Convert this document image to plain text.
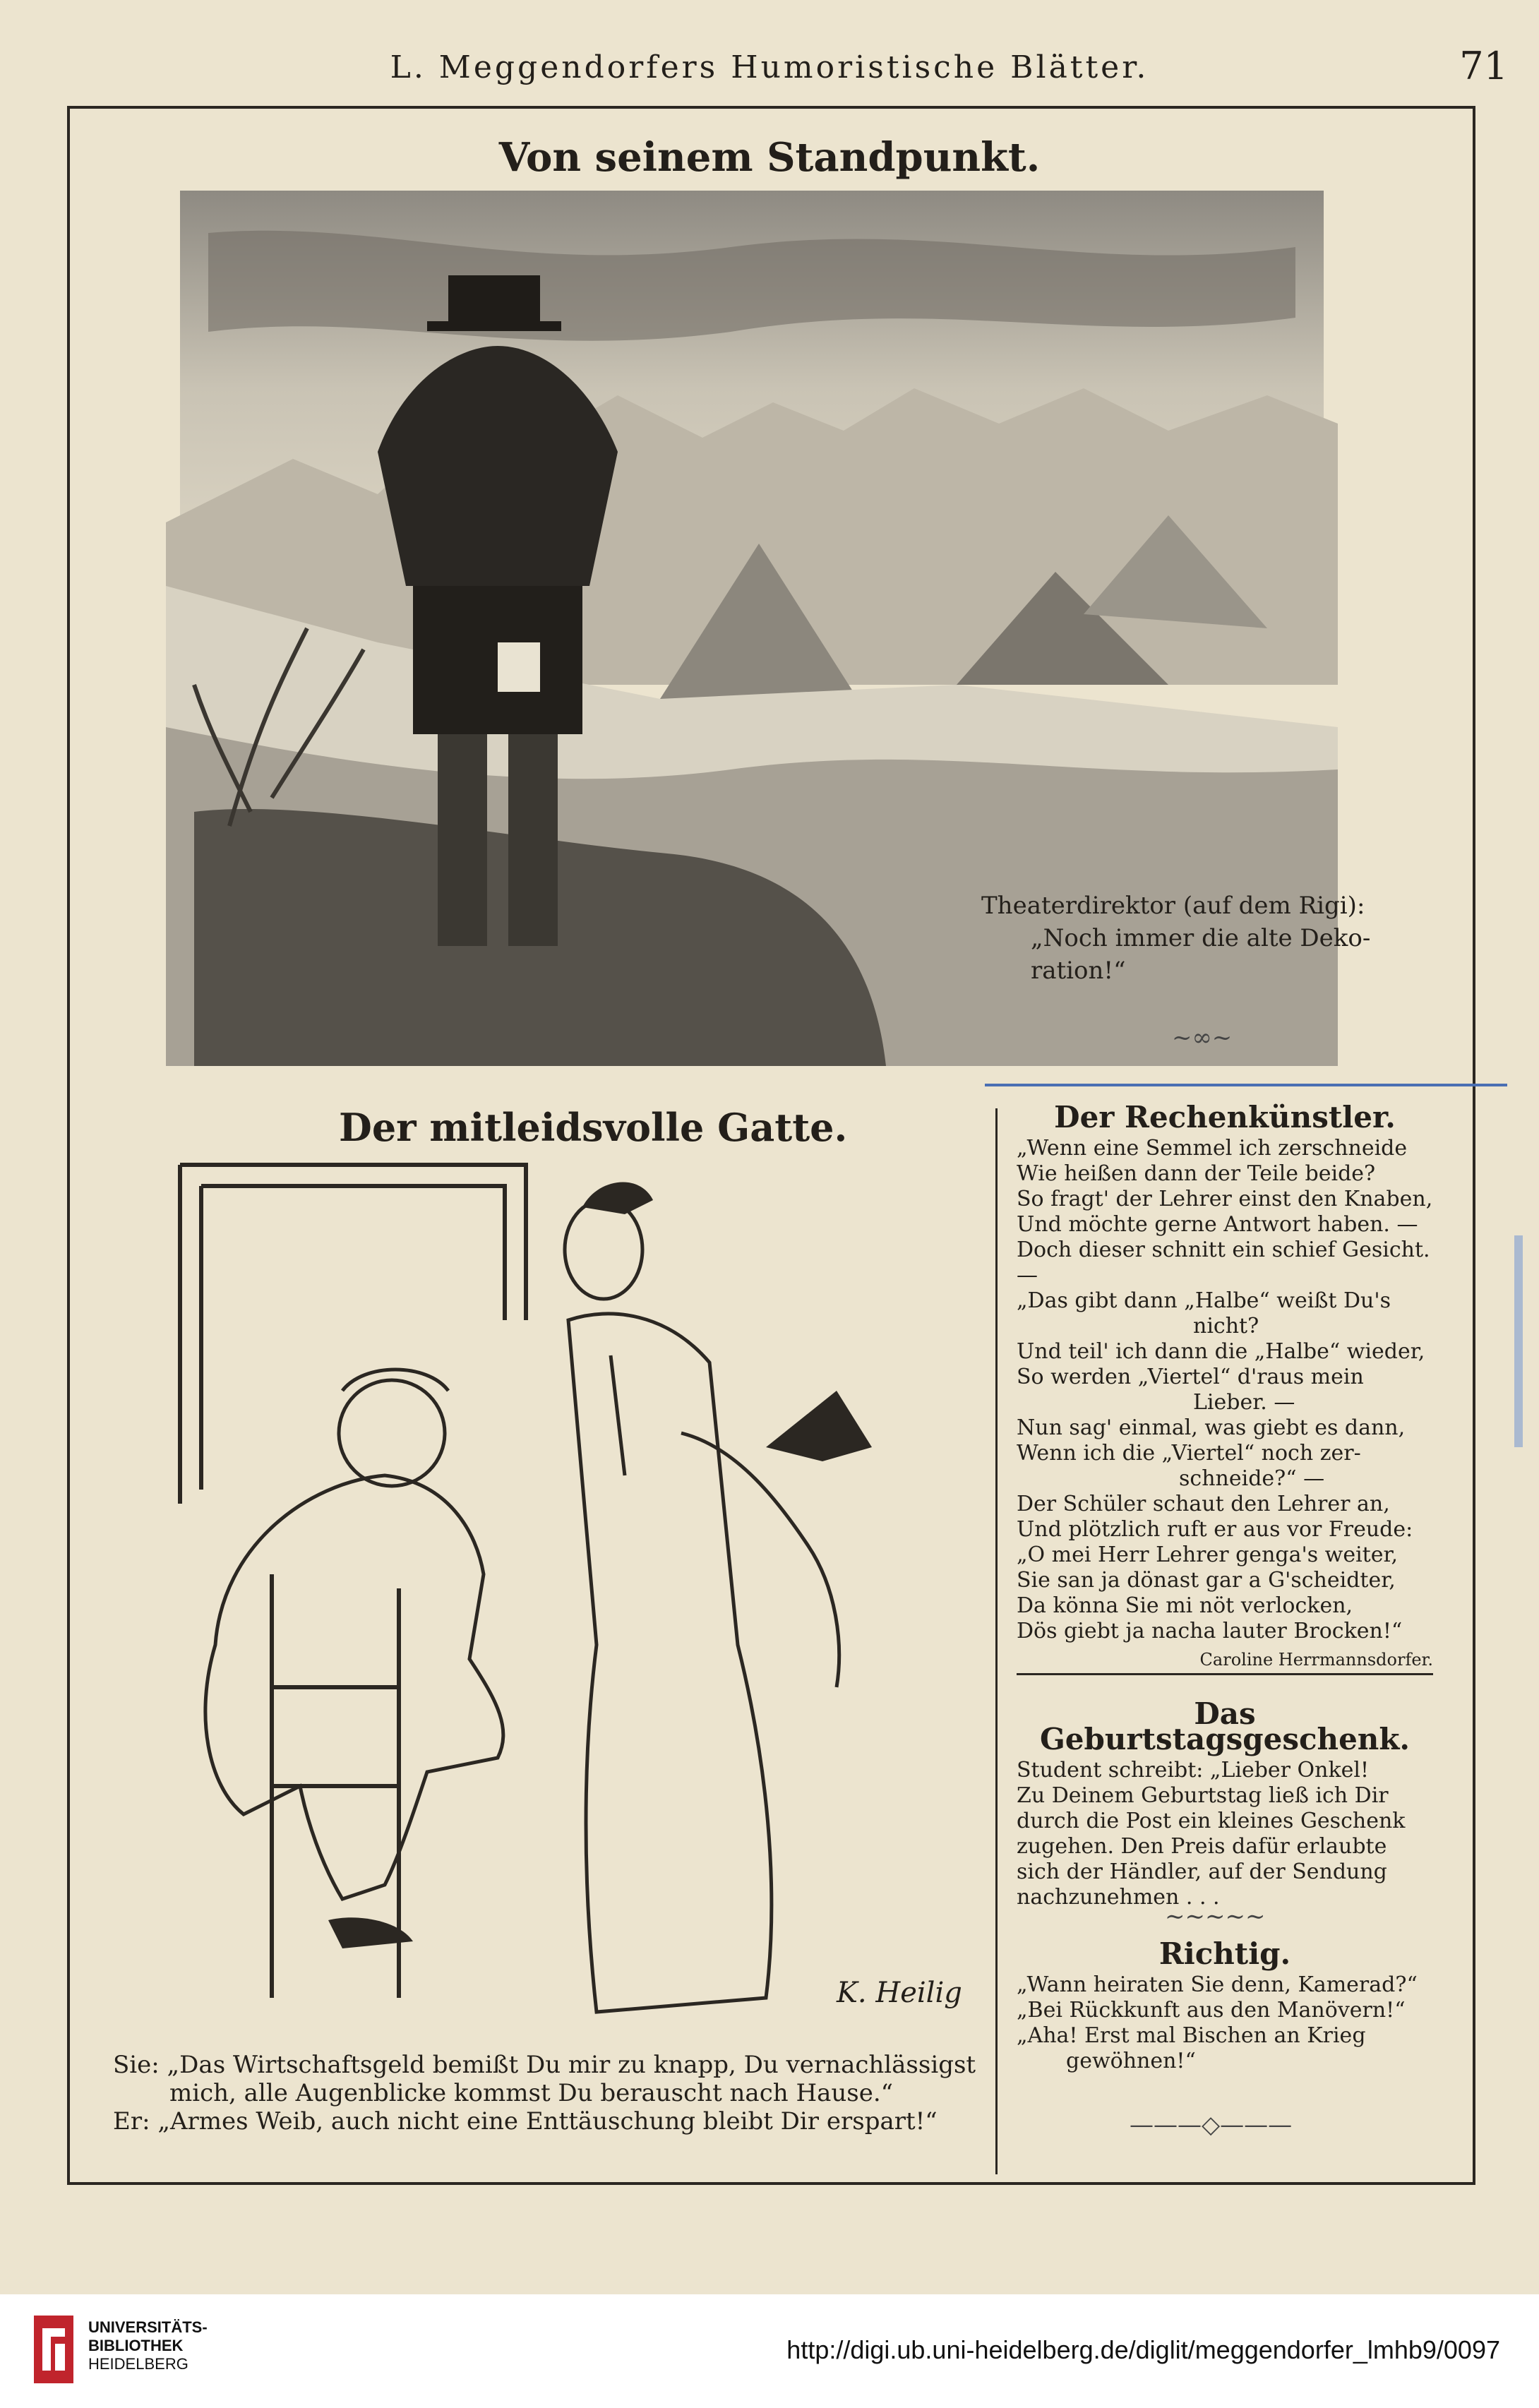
L. Meggendorfers Humoristische Blätter.	71
Von seinem Standpunkt.
Theaterdirektor (auf dem Rigi):
„Noch immer die alte Deko-
ration!“
~∞~
Der mitleidsvolle Gatte.
K. Heilig
Sie: „Das Wirtschaftsgeld bemißt Du mir zu knapp, Du vernachlässigst
mich, alle Augenblicke kommst Du berauscht nach Hause.“
Er: „Armes Weib, auch nicht eine Enttäuschung bleibt Dir erspart!“
Der Rechenkünstler.
„Wenn eine Semmel ich zerschneide
Wie heißen dann der Teile beide?
So fragt' der Lehrer einst den Knaben,
Und möchte gerne Antwort haben. —
Doch dieser schnitt ein schief Gesicht. —
„Das gibt dann „Halbe“ weißt Du's
nicht?
Und teil' ich dann die „Halbe“ wieder,
So werden „Viertel“ d'raus mein
Lieber. —
Nun sag' einmal, was giebt es dann,
Wenn ich die „Viertel“ noch zer-
schneide?“ —
Der Schüler schaut den Lehrer an,
Und plötzlich ruft er aus vor Freude:
„O mei Herr Lehrer genga's weiter,
Sie san ja dönast gar a G'scheidter,
Da könna Sie mi nöt verlocken,
Dös giebt ja nacha lauter Brocken!“
Caroline Herrmannsdorfer.
Das Geburtstagsgeschenk.
Student schreibt: „Lieber Onkel!
Zu Deinem Geburtstag ließ ich Dir
durch die Post ein kleines Geschenk
zugehen. Den Preis dafür erlaubte
sich der Händler, auf der Sendung
nachzunehmen . . .
∼∼∼∼∼
Richtig.
„Wann heiraten Sie denn, Kamerad?“
„Bei Rückkunft aus den Manövern!“
„Aha! Erst mal Bischen an Krieg
gewöhnen!“
———◇———
UNIVERSITÄTS-
BIBLIOTHEK
HEIDELBERG	http://digi.ub.uni-heidelberg.de/diglit/meggendorfer_lmhb9/0097
